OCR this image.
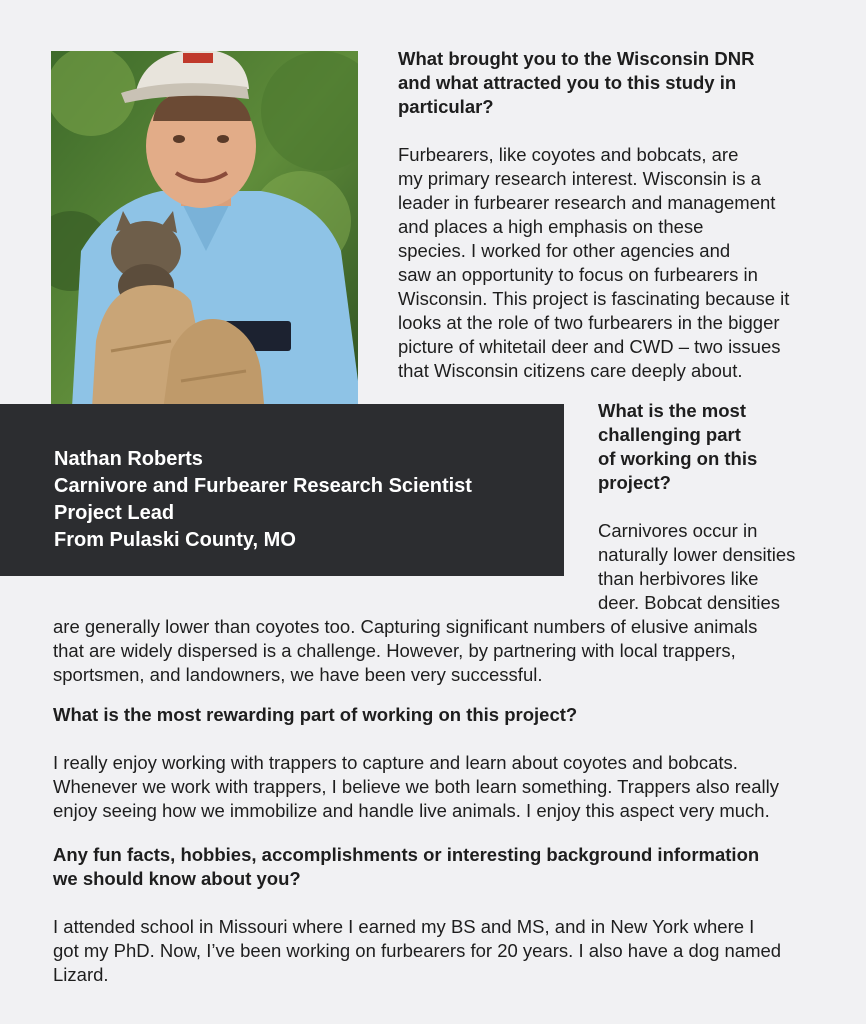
What brought you to the Wisconsin DNR
and what attracted you to this study in
particular?

Furbearers, like coyotes and bobcats, are
my primary research interest. Wisconsin is a
leader in furbearer research and management
and places a high emphasis on these
species. I worked for other agencies and
saw an opportunity to focus on furbearers in
Wisconsin. This project is fascinating because it
looks at the role of two furbearers in the bigger
picture of whitetail deer and CWD – two issues
that Wisconsin citizens care deeply about.

Nathan Roberts
Carnivore and Furbearer Research Scientist
Project Lead
From Pulaski County, MO
What is the most
challenging part
of working on this
project?

Carnivores occur in
naturally lower densities
than herbivores like
deer. Bobcat densities

are generally lower than coyotes too. Capturing significant numbers of elusive animals
that are widely dispersed is a challenge. However, by partnering with local trappers,
sportsmen, and landowners, we have been very successful.

What is the most rewarding part of working on this project?

I really enjoy working with trappers to capture and learn about coyotes and bobcats.
Whenever we work with trappers, I believe we both learn something. Trappers also really
enjoy seeing how we immobilize and handle live animals. I enjoy this aspect very much.

Any fun facts, hobbies, accomplishments or interesting background information
we should know about you?

I attended school in Missouri where I earned my BS and MS, and in New York where I
got my PhD. Now, I’ve been working on furbearers for 20 years. I also have a dog named
Lizard.
